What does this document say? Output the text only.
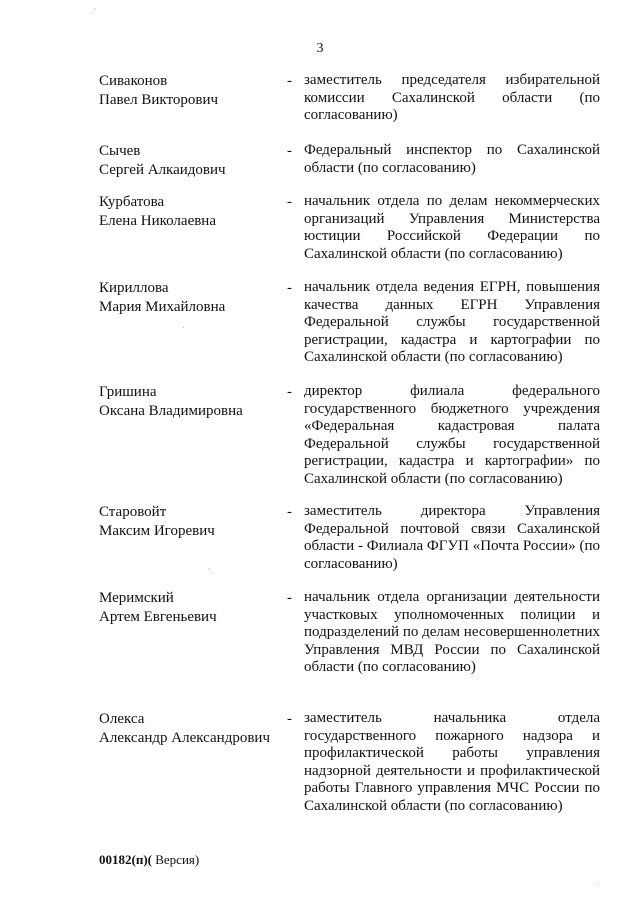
3
Сиваконов
Павел Викторович
- заместитель председателя избирательной комиссии Сахалинской области (по согласованию)
Сычев
Сергей Алкаидович
- Федеральный инспектор по Сахалинской области (по согласованию)
Курбатова
Елена Николаевна
- начальник отдела по делам некоммерческих организаций Управления Министерства юстиции Российской Федерации по Сахалинской области (по согласованию)
Кириллова
Мария Михайловна
- начальник отдела ведения ЕГРН, повышения качества данных ЕГРН Управления Федеральной службы государственной регистрации, кадастра и картографии по Сахалинской области (по согласованию)
Гришина
Оксана Владимировна
- директор филиала федерального государственного бюджетного учреждения «Федеральная кадастровая палата Федеральной службы государственной регистрации, кадастра и картографии» по Сахалинской области (по согласованию)
Старовойт
Максим Игоревич
- заместитель директора Управления Федеральной почтовой связи Сахалинской области - Филиала ФГУП «Почта России» (по согласованию)
Меримский
Артем Евгеньевич
- начальник отдела организации деятельности участковых уполномоченных полиции и подразделений по делам несовершеннолетних Управления МВД России по Сахалинской области (по согласованию)
Олекса
Александр Александрович
- заместитель начальника отдела государственного пожарного надзора и профилактической работы управления надзорной деятельности и профилактической работы Главного управления МЧС России по Сахалинской области (по согласованию)
00182(п)( Версия)
